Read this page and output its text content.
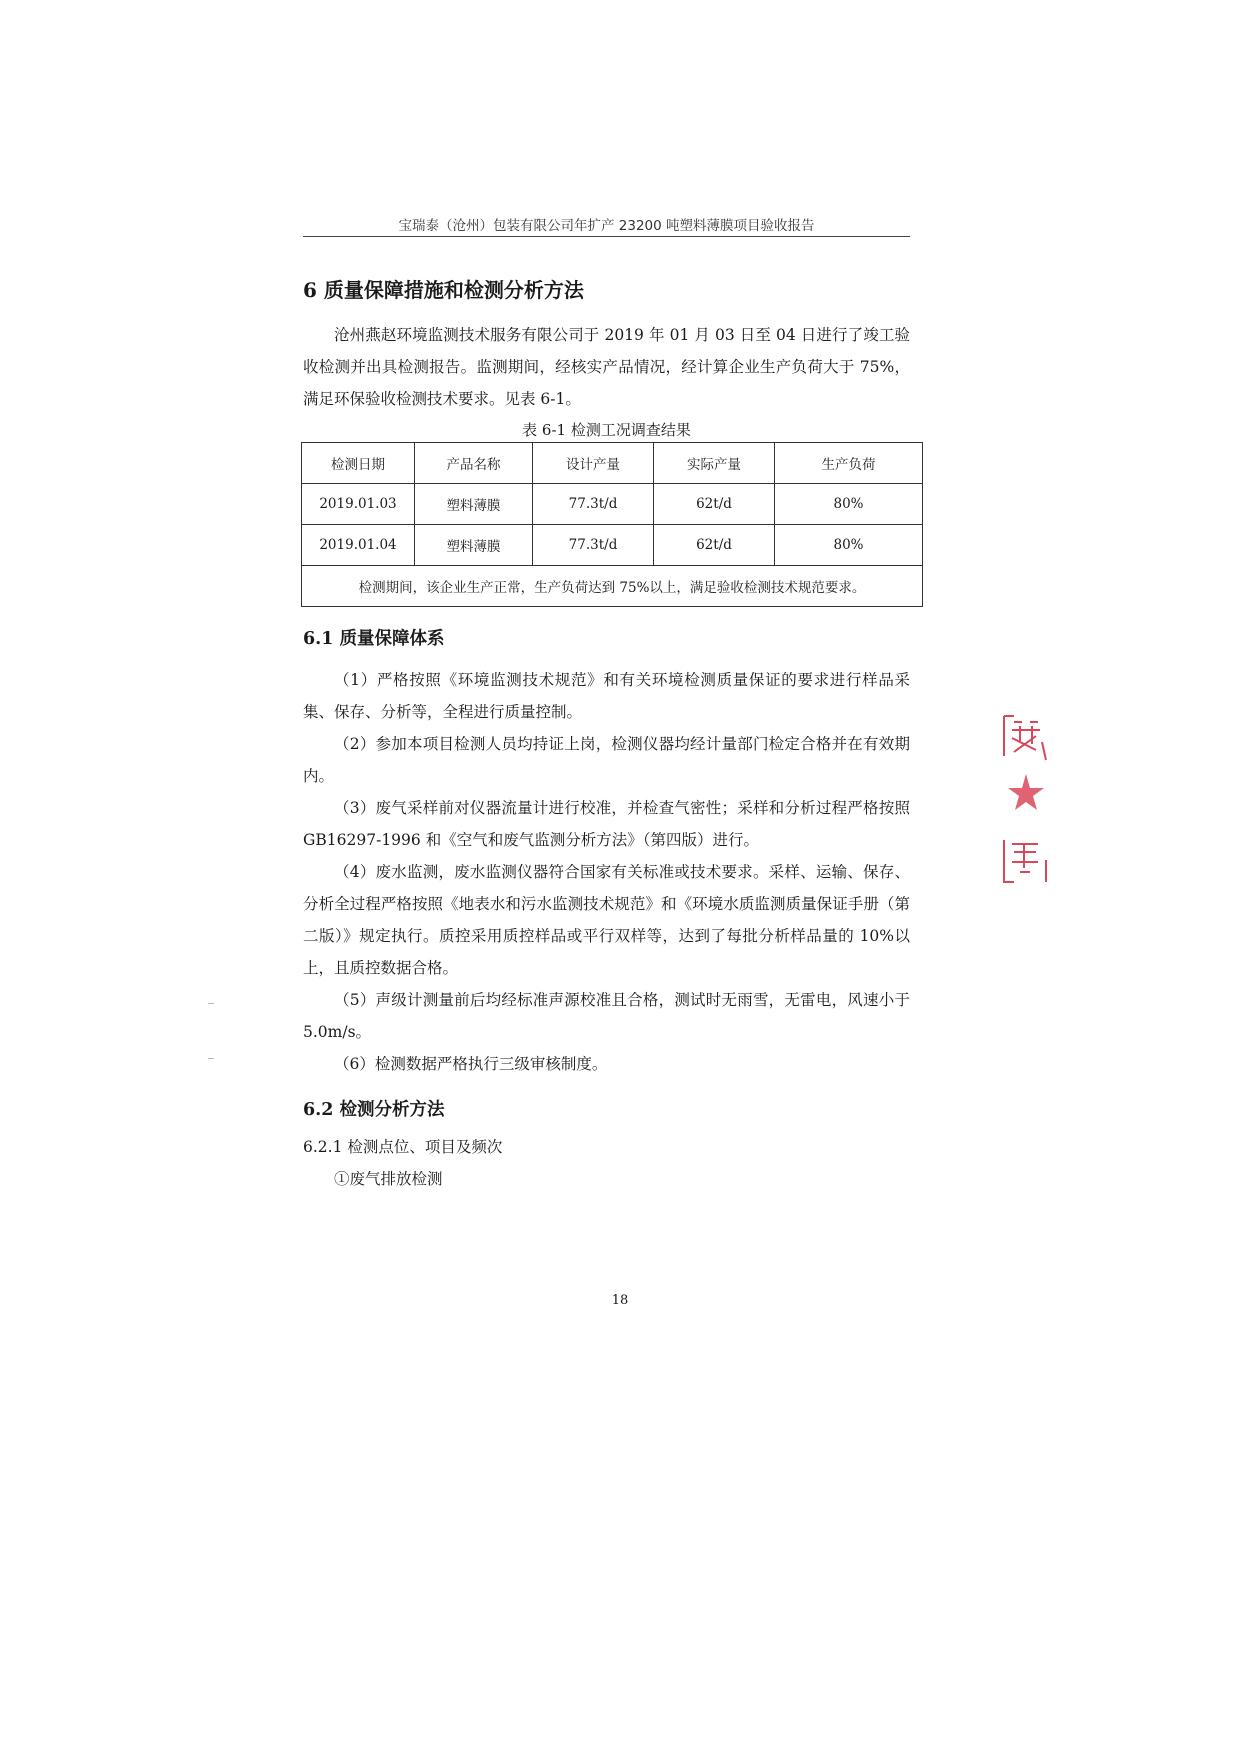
宝瑞泰（沧州）包装有限公司年扩产 23200 吨塑料薄膜项目验收报告
6 质量保障措施和检测分析方法

沧州燕赵环境监测技术服务有限公司于 2019 年 01 月 03 日至 04 日进行了竣工验收检测并出具检测报告。监测期间，经核实产品情况，经计算企业生产负荷大于 75%，满足环保验收检测技术要求。见表 6-1。

表 6-1 检测工况调查结果
检测日期	产品名称	设计产量	实际产量	生产负荷
2019.01.03	塑料薄膜	77.3t/d	62t/d	80%
2019.01.04	塑料薄膜	77.3t/d	62t/d	80%
检测期间，该企业生产正常，生产负荷达到 75%以上，满足验收检测技术规范要求。				
6.1 质量保障体系

（1）严格按照《环境监测技术规范》和有关环境检测质量保证的要求进行样品采集、保存、分析等，全程进行质量控制。

（2）参加本项目检测人员均持证上岗，检测仪器均经计量部门检定合格并在有效期内。

（3）废气采样前对仪器流量计进行校准，并检查气密性；采样和分析过程严格按照 GB16297-1996 和《空气和废气监测分析方法》（第四版）进行。

（4）废水监测，废水监测仪器符合国家有关标准或技术要求。采样、运输、保存、分析全过程严格按照《地表水和污水监测技术规范》和《环境水质监测质量保证手册（第二版）》规定执行。质控采用质控样品或平行双样等，达到了每批分析样品量的 10%以上，且质控数据合格。

（5）声级计测量前后均经标准声源校准且合格，测试时无雨雪，无雷电，风速小于 5.0m/s。

（6）检测数据严格执行三级审核制度。

6.2 检测分析方法
6.2.1 检测点位、项目及频次
①废气排放检测
18
